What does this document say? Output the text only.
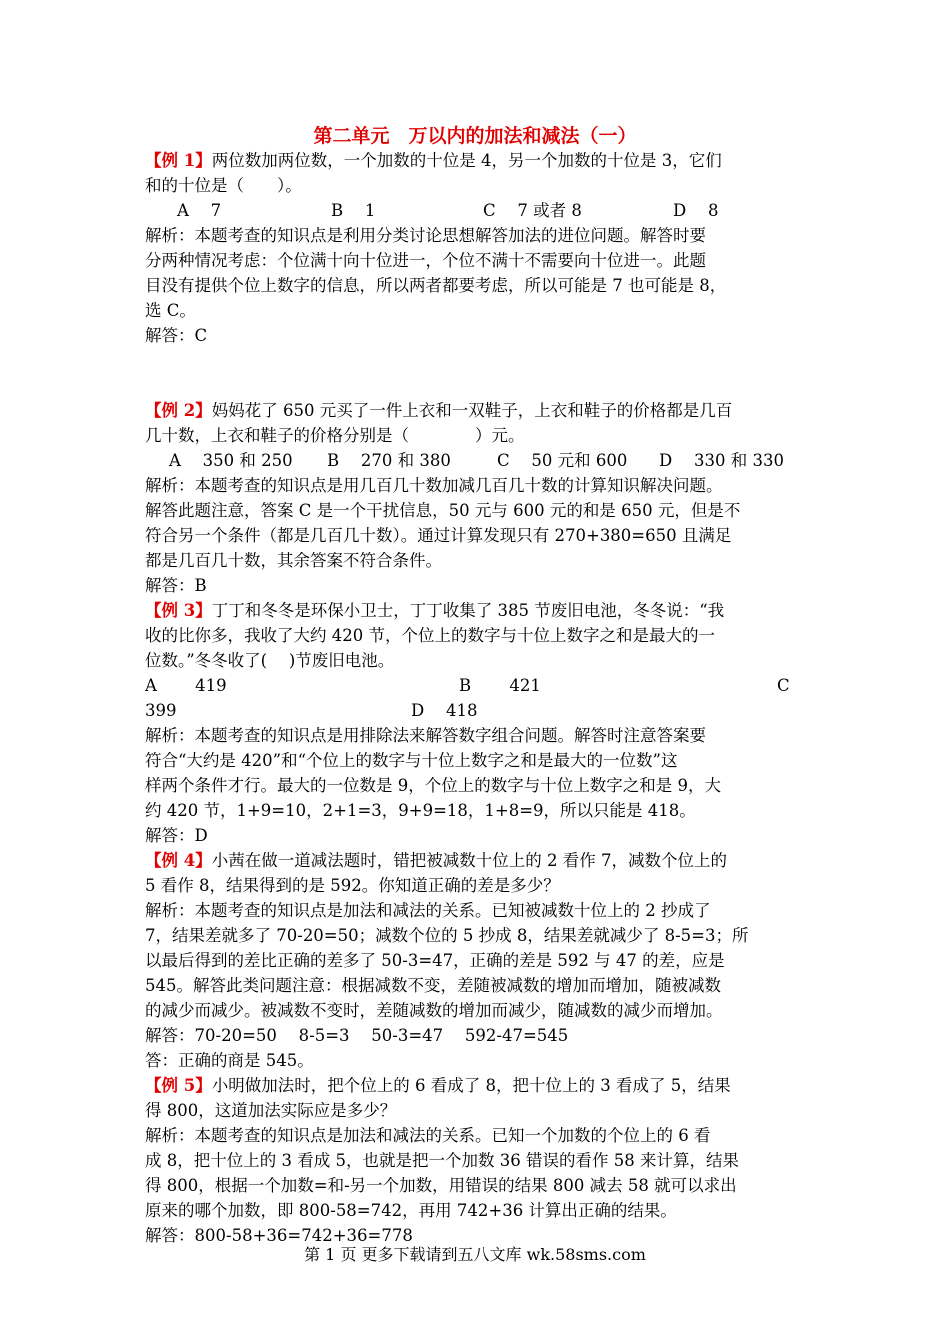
第二单元　万以内的加法和减法（一）
【例 1】两位数加两位数，一个加数的十位是 4，另一个加数的十位是 3，它们
和的十位是（　　）。
A　 7	B　 1	C　 7 或者 8	D　 8
解析：本题考查的知识点是利用分类讨论思想解答加法的进位问题。解答时要
分两种情况考虑：个位满十向十位进一，个位不满十不需要向十位进一。此题
目没有提供个位上数字的信息，所以两者都要考虑，所以可能是 7 也可能是 8，
选 C。
解答：C
【例 2】妈妈花了 650 元买了一件上衣和一双鞋子，上衣和鞋子的价格都是几百
几十数，上衣和鞋子的价格分别是（　　　　）元。
A　 350 和 250	B　 270 和 380	C　 50 元和 600	D　 330 和 330
解析：本题考查的知识点是用几百几十数加减几百几十数的计算知识解决问题。
解答此题注意，答案 C 是一个干扰信息，50 元与 600 元的和是 650 元，但是不
符合另一个条件（都是几百几十数）。通过计算发现只有 270+380=650 且满足
都是几百几十数，其余答案不符合条件。
解答：B
【例 3】丁丁和冬冬是环保小卫士，丁丁收集了 385 节废旧电池，冬冬说：“我
收的比你多，我收了大约 420 节，个位上的数字与十位上数字之和是最大的一
位数。”冬冬收了(　 )节废旧电池。
A　　 419	B　　 421	C
399	D　 418
解析：本题考查的知识点是用排除法来解答数字组合问题。解答时注意答案要
符合“大约是 420”和“个位上的数字与十位上数字之和是最大的一位数”这
样两个条件才行。最大的一位数是 9，个位上的数字与十位上数字之和是 9，大
约 420 节，1+9=10，2+1=3，9+9=18，1+8=9，所以只能是 418。
解答：D
【例 4】小茜在做一道减法题时，错把被减数十位上的 2 看作 7，减数个位上的
5 看作 8，结果得到的是 592。你知道正确的差是多少？
解析：本题考查的知识点是加法和减法的关系。已知被减数十位上的 2 抄成了
7，结果差就多了 70-20=50；减数个位的 5 抄成 8，结果差就减少了 8-5=3；所
以最后得到的差比正确的差多了 50-3=47，正确的差是 592 与 47 的差，应是
545。解答此类问题注意：根据减数不变，差随被减数的增加而增加，随被减数
的减少而减少。被减数不变时，差随减数的增加而减少，随减数的减少而增加。
解答：70-20=50　 8-5=3　 50-3=47　 592-47=545
答：正确的商是 545。
【例 5】小明做加法时，把个位上的 6 看成了 8，把十位上的 3 看成了 5，结果
得 800，这道加法实际应是多少？
解析：本题考查的知识点是加法和减法的关系。已知一个加数的个位上的 6 看
成 8，把十位上的 3 看成 5，也就是把一个加数 36 错误的看作 58 来计算，结果
得 800，根据一个加数=和-另一个加数，用错误的结果 800 减去 58 就可以求出
原来的哪个加数，即 800-58=742，再用 742+36 计算出正确的结果。
解答：800-58+36=742+36=778
第 1 页 更多下载请到五八文库 wk.58sms.com
